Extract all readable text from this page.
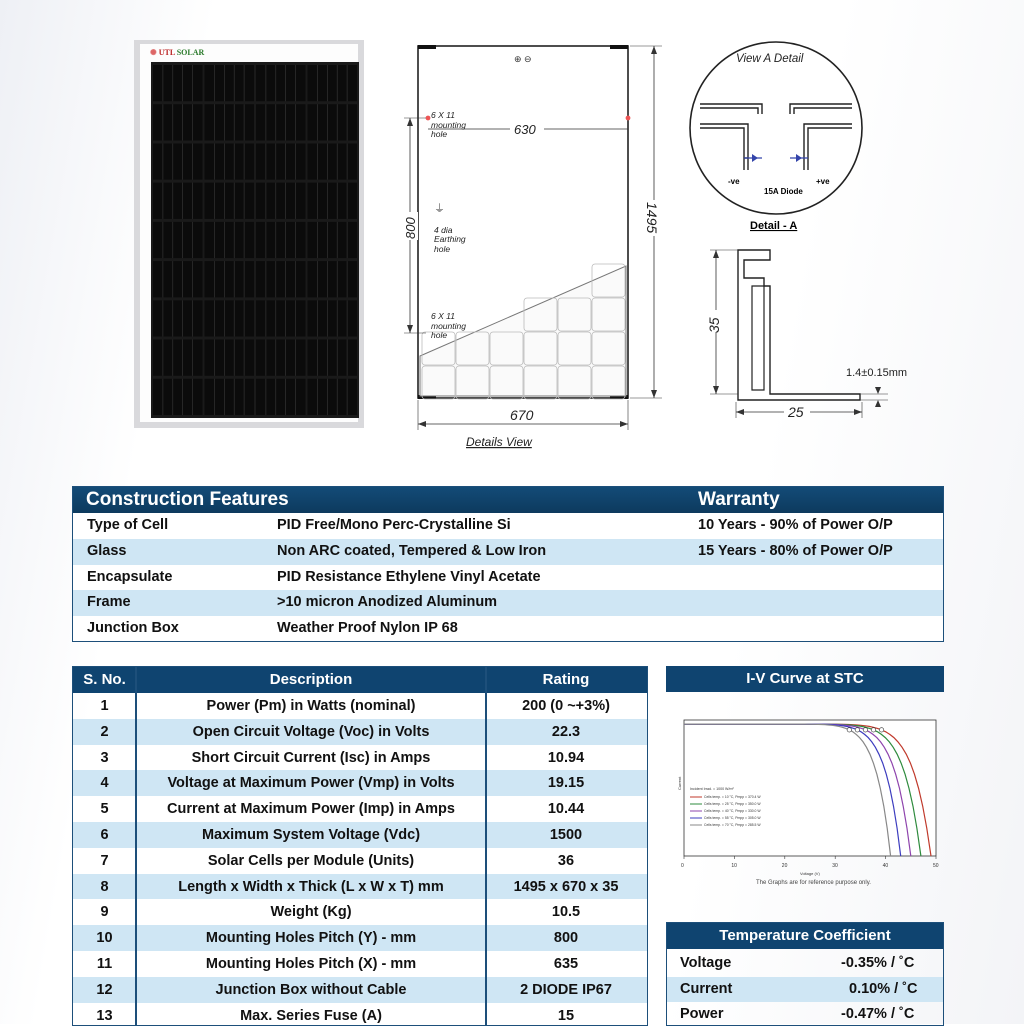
✺ UTL SOLAR
⊕ ⊖
630
6 X 11
mounting
hole
800
⏚
4 dia
Earthing
hole
6 X 11
mounting
hole
1495
670
Details View
View A Detail
-ve	+ve
15A Diode
Detail - A
35
25
1.4±0.15mm
Construction Features	Warranty
Type of Cell	PID Free/Mono Perc-Crystalline Si	10 Years - 90% of Power O/P
Glass	Non ARC coated, Tempered & Low Iron	15 Years - 80% of Power O/P
Encapsulate	PID Resistance Ethylene Vinyl Acetate
Frame	>10 micron Anodized Aluminum
Junction Box	Weather Proof Nylon IP 68
S. No.	Description	Rating
1	Power (Pm) in Watts (nominal)	200 (0 ~+3%)
2	Open Circuit Voltage (Voc) in Volts	22.3
3	Short Circuit Current (Isc) in Amps	10.94
4	Voltage at Maximum Power (Vmp) in Volts	19.15
5	Current at Maximum Power (Imp) in Amps	10.44
6	Maximum System Voltage (Vdc)	1500
7	Solar Cells per Module (Units)	36
8	Length x Width x Thick (L x W x T) mm	1495 x 670 x 35
9	Weight (Kg)	10.5
10	Mounting Holes Pitch (Y) - mm	800
11	Mounting Holes Pitch (X) - mm	635
12	Junction Box without Cable	2 DIODE IP67
13	Max. Series Fuse (A)	15
I-V Curve at STC
0	10	20	30	40	50
Voltage (V)
Current Incident Irrad. = 1000 W/m²
Cells temp. = 10 °C, Pmpp = 370.4 W
Cells temp. = 25 °C, Pmpp = 350.0 W
Cells temp. = 40 °C, Pmpp = 330.0 W
Cells temp. = 55 °C, Pmpp = 305.0 W
Cells temp. = 70 °C, Pmpp = 285.5 W
The Graphs are for reference purpose only.
Temperature Coefficient
Voltage	-0.35% / ˚C
Current	0.10% / ˚C
Power	-0.47% / ˚C
